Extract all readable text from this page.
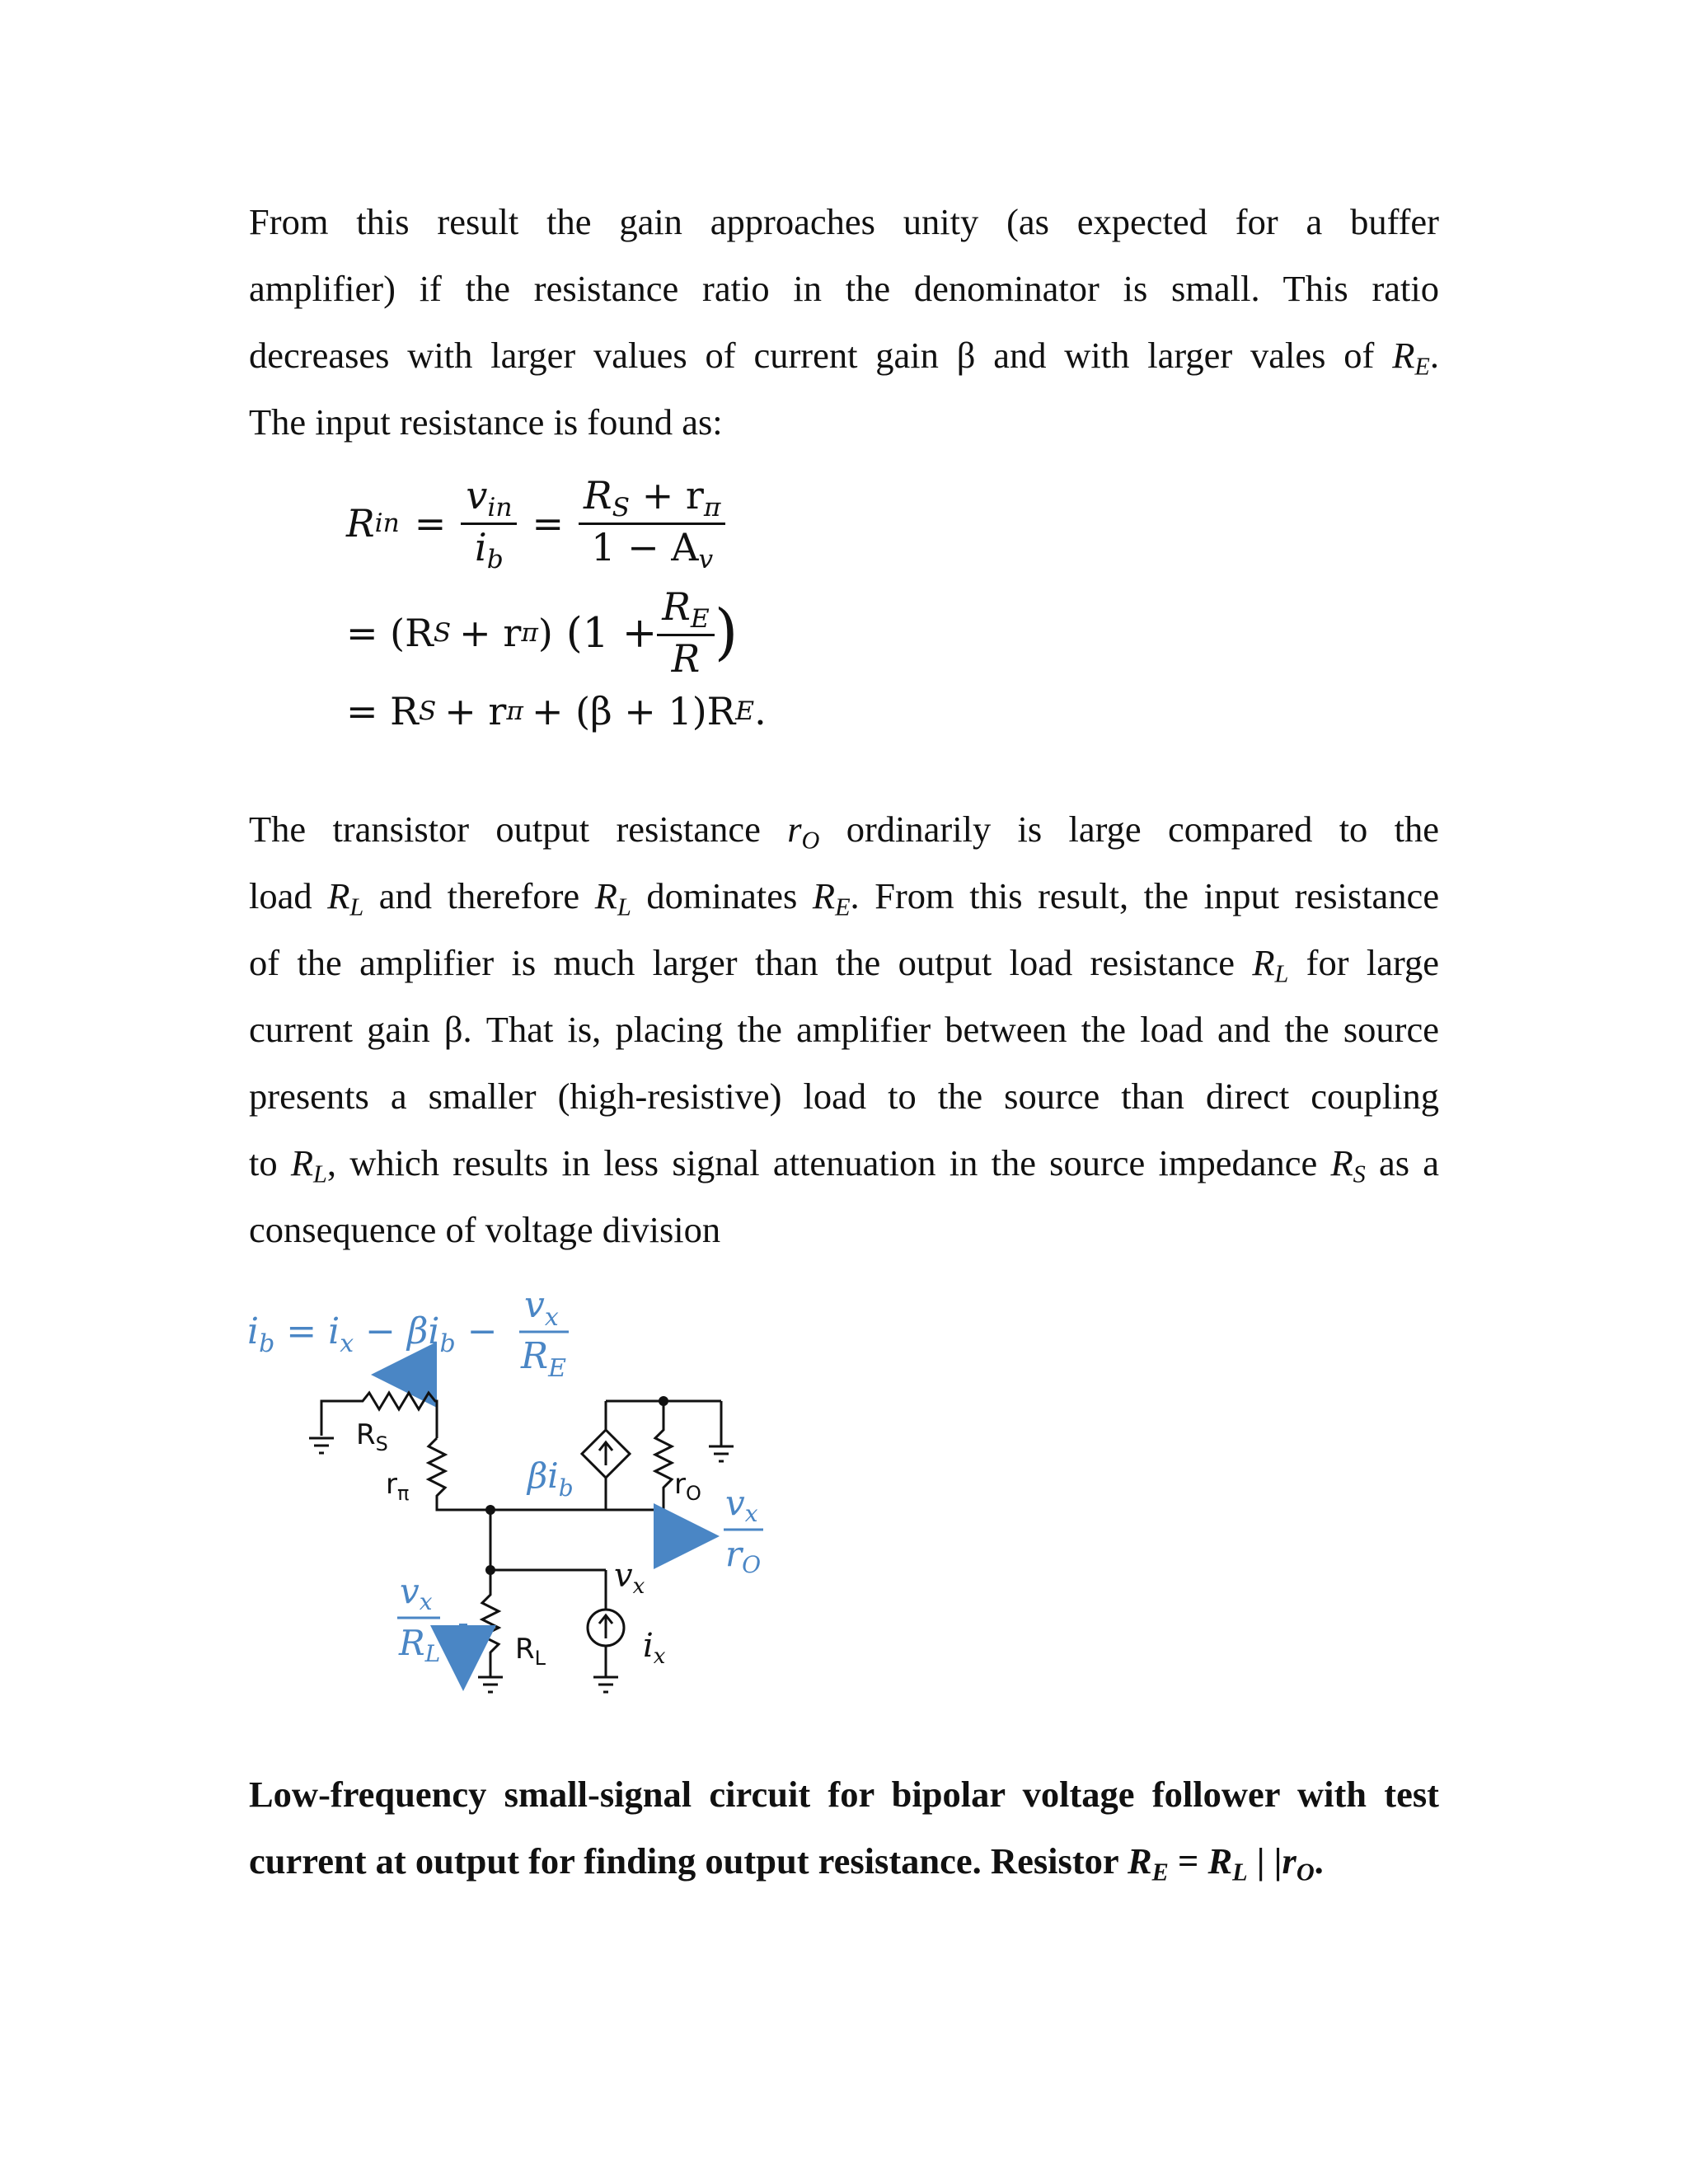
From this result the gain approaches unity (as expected for a buffer
amplifier) if the resistance ratio in the denominator is small. This ratio
decreases with larger values of current gain β and with larger vales of $R_E$.
The input resistance is found as:
R in = $\frac{v_{in}}{i_b} = \frac{R_S + r_\pi}{1 - A_v}$
= (R S + r π ) ($1 + \frac{R_E}{R}$ )
= R S + r π + (β + 1)R E .
The transistor output resistance $r_O$ ordinarily is large compared to the
load $R_L$ and therefore $R_L$ dominates $R_E$. From this result, the input resistance
of the amplifier is much larger than the output load resistance $R_L$ for large
current gain β. That is, placing the amplifier between the load and the source
presents a smaller (high-resistive) load to the source than direct coupling
to $R_L$, which results in less signal attenuation in the source impedance $R_S$ as a
consequence of voltage division
$i_b = i_x - \beta i_b$ −
$v_x$
$R_E$
$R_S$
$r_\pi$	$r_O$
$R_L$
$v_x$
$i_x$
$\beta i_b$	vx
rO
vx
RL
Low-frequency small-signal circuit for bipolar voltage follower with test
current at output for finding output resistance. Resistor $R_E = R_L$ | $|r_O$.
